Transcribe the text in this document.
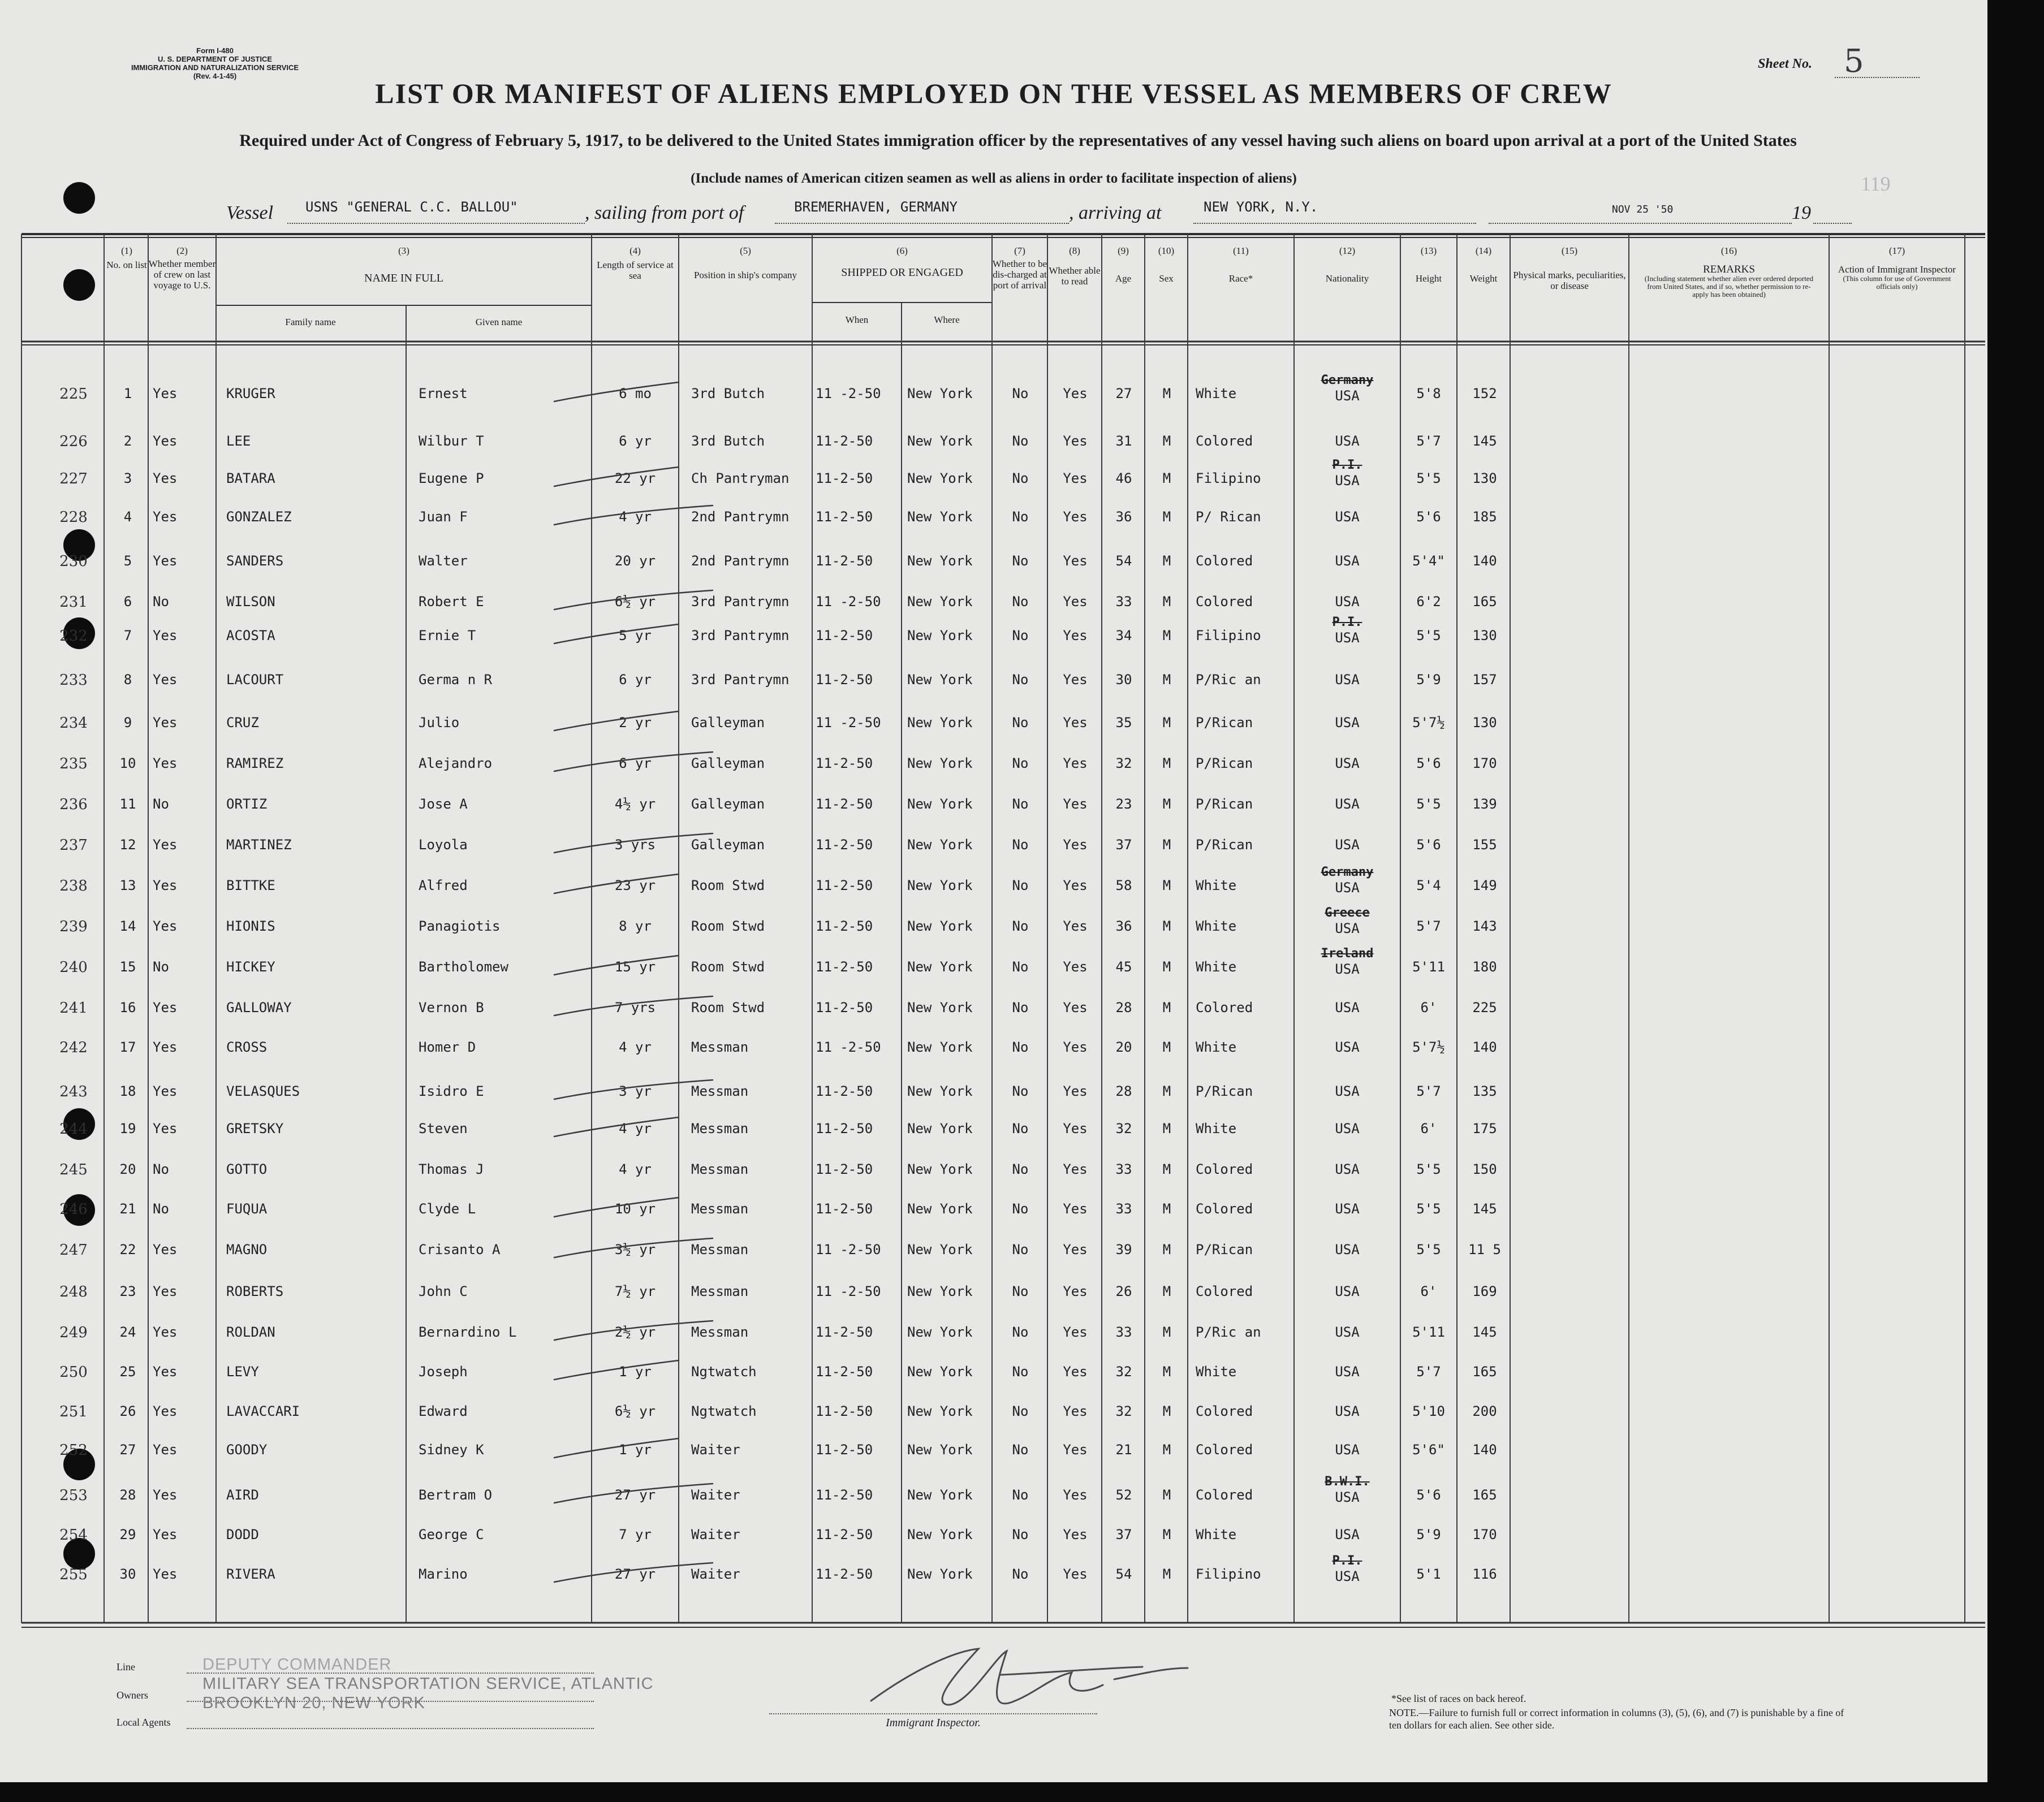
Form I-480
U. S. DEPARTMENT OF JUSTICE
IMMIGRATION AND NATURALIZATION SERVICE
(Rev. 4-1-45)
Sheet No. 5
LIST OR MANIFEST OF ALIENS EMPLOYED ON THE VESSEL AS MEMBERS OF CREW
Required under Act of Congress of February 5, 1917, to be delivered to the United States immigration officer by the representatives of any vessel having such aliens on board upon arrival at a port of the United States
(Include names of American citizen seamen as well as aliens in order to facilitate inspection of aliens)	119
Vessel USNS "GENERAL C.C. BALLOU"	, sailing from port of	BREMERHAVEN, GERMANY	, arriving at	NEW YORK, N.Y.	NOV 25 '50	19
(1)
No. on list
(2)
Whether member of crew on last voyage to U.S.
(3)
NAME IN FULL
Family name	Given name
(4)
Length of service at sea
(5)
Position in ship's company
(6)
SHIPPED OR ENGAGED
When	Where
(7)
Whether to be dis-charged at port of arrival
(8)
Whether able to read
(9)
Age
(10)
Sex
(11)
Race*
(12)
Nationality
(13)
Height
(14)
Weight
(15)
Physical marks, peculiarities, or disease
(16)
REMARKS
(Including statement whether alien ever ordered deported from United States, and if so, whether permission to re-apply has been obtained)
(17)
Action of Immigrant Inspector
(This column for use of Government officials only)
225	1	Yes	KRUGER	Ernest	6 mo	3rd Butch	11 -2-50	New York	No	Yes	27	M	White	USA	5'8	152
Germany
226	2	Yes	LEE	Wilbur T	6 yr	3rd Butch	11-2-50	New York	No	Yes	31	M	Colored	USA	5'7	145
227	3	Yes	BATARA	Eugene P	22 yr	Ch Pantryman	11-2-50	New York	No	Yes	46	M	Filipino	USA	5'5	130
P.I.
228	4	Yes	GONZALEZ	Juan F	4 yr	2nd Pantrymn	11-2-50	New York	No	Yes	36	M	P/ Rican	USA	5'6	185
230	5	Yes	SANDERS	Walter	20 yr	2nd Pantrymn	11-2-50	New York	No	Yes	54	M	Colored	USA	5'4"	140
231	6	No	WILSON	Robert E	6½ yr	3rd Pantrymn	11 -2-50	New York	No	Yes	33	M	Colored	USA	6'2	165
232	7	Yes	ACOSTA	Ernie T	5 yr	3rd Pantrymn	11-2-50	New York	No	Yes	34	M	Filipino	USA	5'5	130
P.I.
233	8	Yes	LACOURT	Germa n R	6 yr	3rd Pantrymn	11-2-50	New York	No	Yes	30	M	P/Ric an	USA	5'9	157
234	9	Yes	CRUZ	Julio	2 yr	Galleyman	11 -2-50	New York	No	Yes	35	M	P/Rican	USA	5'7½	130
235	10	Yes	RAMIREZ	Alejandro	6 yr	Galleyman	11-2-50	New York	No	Yes	32	M	P/Rican	USA	5'6	170
236	11	No	ORTIZ	Jose A	4½ yr	Galleyman	11-2-50	New York	No	Yes	23	M	P/Rican	USA	5'5	139
237	12	Yes	MARTINEZ	Loyola	3 yrs	Galleyman	11-2-50	New York	No	Yes	37	M	P/Rican	USA	5'6	155
238	13	Yes	BITTKE	Alfred	23 yr	Room Stwd	11-2-50	New York	No	Yes	58	M	White	USA	5'4	149
Germany
239	14	Yes	HIONIS	Panagiotis	8 yr	Room Stwd	11-2-50	New York	No	Yes	36	M	White	USA	5'7	143
Greece
240	15	No	HICKEY	Bartholomew	15 yr	Room Stwd	11-2-50	New York	No	Yes	45	M	White	USA	5'11	180
Ireland
241	16	Yes	GALLOWAY	Vernon B	7 yrs	Room Stwd	11-2-50	New York	No	Yes	28	M	Colored	USA	6'	225
242	17	Yes	CROSS	Homer D	4 yr	Messman	11 -2-50	New York	No	Yes	20	M	White	USA	5'7½	140
243	18	Yes	VELASQUES	Isidro E	3 yr	Messman	11-2-50	New York	No	Yes	28	M	P/Rican	USA	5'7	135
244	19	Yes	GRETSKY	Steven	4 yr	Messman	11-2-50	New York	No	Yes	32	M	White	USA	6'	175
245	20	No	GOTTO	Thomas J	4 yr	Messman	11-2-50	New York	No	Yes	33	M	Colored	USA	5'5	150
246	21	No	FUQUA	Clyde L	10 yr	Messman	11-2-50	New York	No	Yes	33	M	Colored	USA	5'5	145
247	22	Yes	MAGNO	Crisanto A	3½ yr	Messman	11 -2-50	New York	No	Yes	39	M	P/Rican	USA	5'5	11 5
248	23	Yes	ROBERTS	John C	7½ yr	Messman	11 -2-50	New York	No	Yes	26	M	Colored	USA	6'	169
249	24	Yes	ROLDAN	Bernardino L	2½ yr	Messman	11-2-50	New York	No	Yes	33	M	P/Ric an	USA	5'11	145
250	25	Yes	LEVY	Joseph	1 yr	Ngtwatch	11-2-50	New York	No	Yes	32	M	White	USA	5'7	165
251	26	Yes	LAVACCARI	Edward	6½ yr	Ngtwatch	11-2-50	New York	No	Yes	32	M	Colored	USA	5'10	200
252	27	Yes	GOODY	Sidney K	1 yr	Waiter	11-2-50	New York	No	Yes	21	M	Colored	USA	5'6"	140
253	28	Yes	AIRD	Bertram O	27 yr	Waiter	11-2-50	New York	No	Yes	52	M	Colored	USA	5'6	165
B.W.I.
254	29	Yes	DODD	George C	7 yr	Waiter	11-2-50	New York	No	Yes	37	M	White	USA	5'9	170
255	30	Yes	RIVERA	Marino	27 yr	Waiter	11-2-50	New York	No	Yes	54	M	Filipino	USA	5'1	116
P.I.
Line
Owners
Local Agents
DEPUTY COMMANDER
MILITARY SEA TRANSPORTATION SERVICE, ATLANTIC
BROOKLYN 20, NEW YORK
Immigrant Inspector.
*See list of races on back hereof.
NOTE.—Failure to furnish full or correct information in columns (3), (5), (6), and (7) is punishable by a fine of ten dollars for each alien. See other side.
